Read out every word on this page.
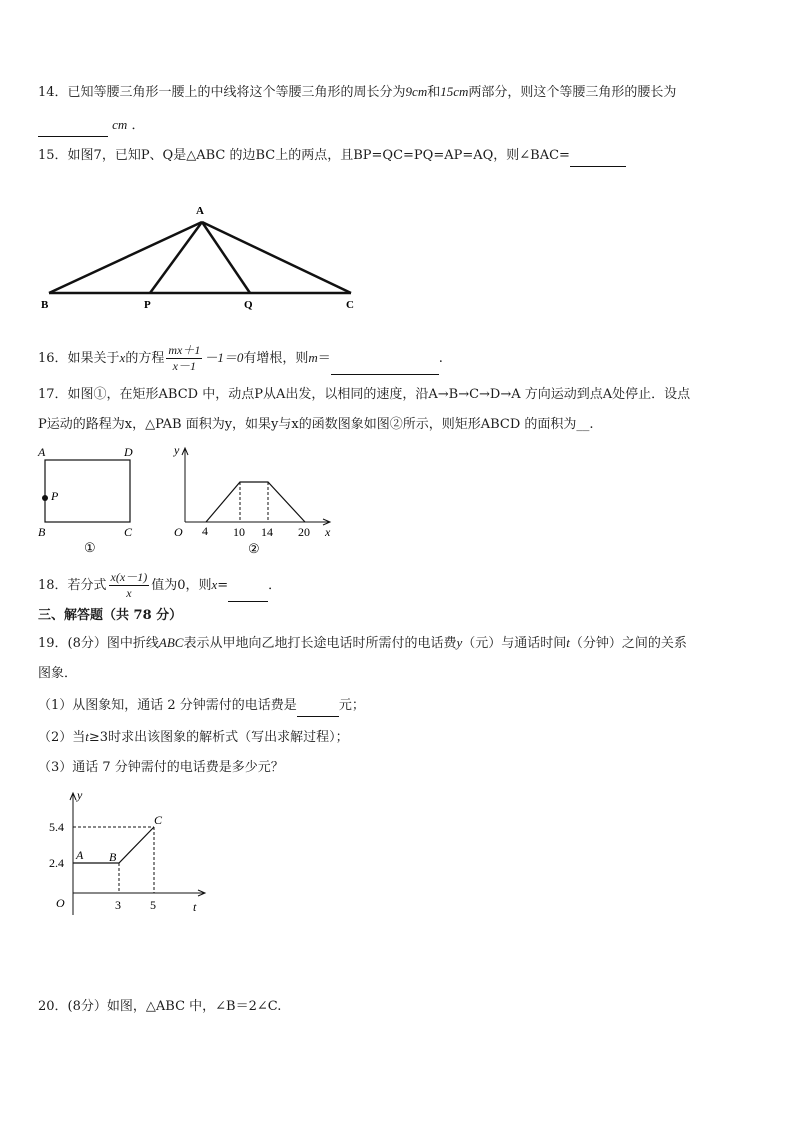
14．已知等腰三角形一腰上的中线将这个等腰三角形的周长分为9cm和15cm两部分，则这个等腰三角形的腰长为
cm ．
15．如图7，已知P、Q是△ABC 的边BC上的两点，且BP=QC=PQ=AP=AQ，则∠BAC=
A
B	P	Q	C
16．如果关于x的方程 $\frac{mx+1}{x-1} -1=0$有增根，则m＝	.
17．如图①，在矩形ABCD 中，动点P从A出发，以相同的速度，沿A→B→C→D→A 方向运动到点A处停止．设点
P运动的路程为x，△PAB 面积为y，如果y与x的函数图象如图②所示，则矩形ABCD 的面积为__.
A	D
P
B	C
①
y
O 4 10 14 20 x
②
18．若分式 $\frac{x(x-1)}{x}$ 值为0，则x=	．
三、解答题（共 78 分）
19．(8分）图中折线ABC表示从甲地向乙地打长途电话时所需付的电话费y（元）与通话时间t（分钟）之间的关系
图象．
（1）从图象知，通话 2 分钟需付的电话费是	元；
（2）当t≥3时求出该图象的解析式（写出求解过程）；
（3）通话 7 分钟需付的电话费是多少元？
y
5.4
2.4
O	3 5	t
A B
C
20．(8分）如图，△ABC 中，∠B＝2∠C.
